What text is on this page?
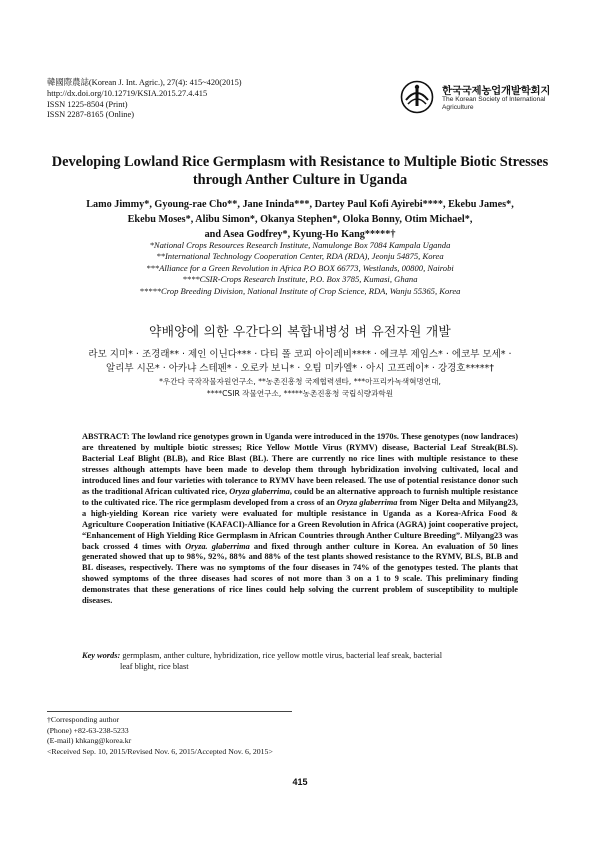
韓國際農誌(Korean J. Int. Agric.), 27(4): 415~420(2015)
http://dx.doi.org/10.12719/KSIA.2015.27.4.415
ISSN 1225-8504 (Print)
ISSN 2287-8165 (Online)
한국국제농업개발학회지
The Korean Society of International Agriculture
Developing Lowland Rice Germplasm with Resistance to Multiple Biotic Stresses
through Anther Culture in Uganda
Lamo Jimmy*, Gyoung-rae Cho**, Jane Ininda***, Dartey Paul Kofi Ayirebi****, Ekebu James*,
Ekebu Moses*, Alibu Simon*, Okanya Stephen*, Oloka Bonny, Otim Michael*,
and Asea Godfrey*, Kyung-Ho Kang*****†
*National Crops Resources Research Institute, Namulonge Box 7084 Kampala Uganda
**International Technology Cooperation Center, RDA (RDA), Jeonju 54875, Korea
***Alliance for a Green Revolution in Africa P.O BOX 66773, Westlands, 00800, Nairobi
****CSIR-Crops Research Institute, P.O. Box 3785, Kumasi, Ghana
*****Crop Breeding Division, National Institute of Crop Science, RDA, Wanju 55365, Korea
약배양에 의한 우간다의 복합내병성 벼 유전자원 개발
라모 지미* · 조경래** · 제인 이닌다*** · 다티 폴 코피 아이레비**** · 에크부 제임스* · 에코부 모세* ·
알리부 시몬* · 아카냐 스테펜* · 오로카 보니* · 오팀 미카엘* · 아시 고프레이* · 강경호*****†
*우간다 국작작물자원연구소, **농촌진흥청 국제협력센타, ***아프리카녹색혁명연대,
****CSIR 작물연구소, *****농촌진흥청 국립식량과학원
ABSTRACT: The lowland rice genotypes grown in Uganda were introduced in the 1970s. These genotypes (now landraces) are threatened by multiple biotic stresses; Rice Yellow Mottle Virus (RYMV) disease, Bacterial Leaf Streak(BLS). Bacterial Leaf Blight (BLB), and Rice Blast (BL). There are currently no rice lines with multiple resistance to these stresses although attempts have been made to develop them through hybridization involving cultivated, local and introduced lines and four varieties with tolerance to RYMV have been released. The use of potential resistance donor such as the traditional African cultivated rice, Oryza glaberrima, could be an alternative approach to furnish multiple resistance to the cultivated rice. The rice germplasm developed from a cross of an Oryza glaberrima from Niger Delta and Milyang23, a high-yielding Korean rice variety were evaluated for multiple resistance in Uganda as a Korea-Africa Food & Agriculture Cooperation Initiative (KAFACI)-Alliance for a Green Revolution in Africa (AGRA) joint cooperative project, “Enhancement of High Yielding Rice Germplasm in African Countries through Anther Culture Breeding”. Milyang23 was back crossed 4 times with Oryza. glaberrima and fixed through anther culture in Korea. An evaluation of 50 lines generated showed that up to 98%, 92%, 88% and 88% of the test plants showed resistance to the RYMV, BLS, BLB and BL diseases, respectively. There was no symptoms of the four diseases in 74% of the genotypes tested. The plants that showed symptoms of the three diseases had scores of not more than 3 on a 1 to 9 scale. This preliminary finding demonstrates that these generations of rice lines could help solving the current problem of susceptibility to multiple diseases.
Key words: germplasm, anther culture, hybridization, rice yellow mottle virus, bacterial leaf sreak, bacterial
leaf blight, rice blast
†Corresponding author
(Phone) +82-63-238-5233
(E-mail) khkang@korea.kr
<Received Sep. 10, 2015/Revised Nov. 6, 2015/Accepted Nov. 6, 2015>
415
